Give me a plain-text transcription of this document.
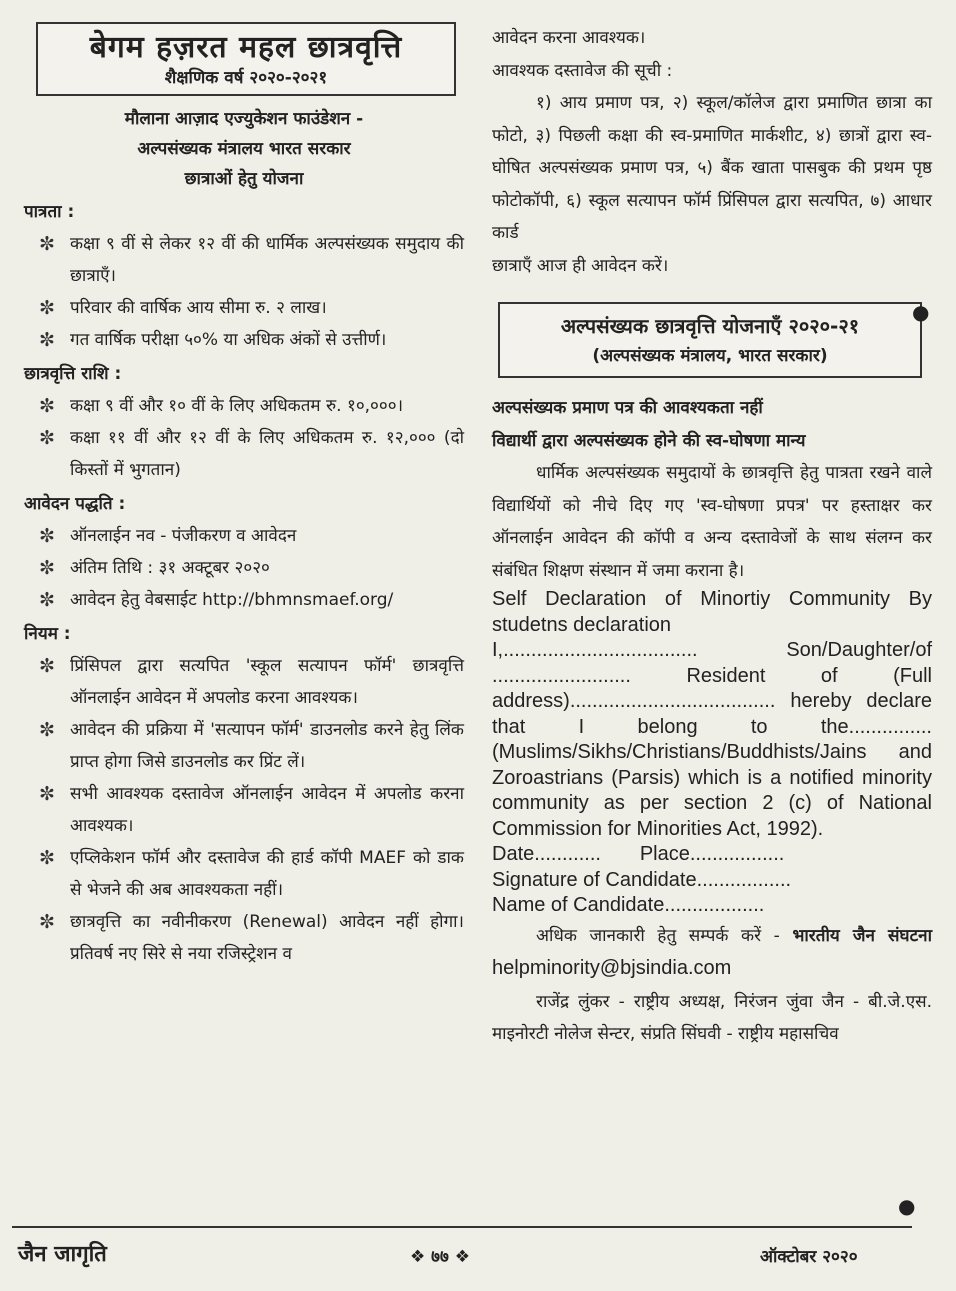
बेगम हज़रत महल छात्रवृत्ति
शैक्षणिक वर्ष २०२०-२०२१
मौलाना आज़ाद एज्युकेशन फाउंडेशन -
अल्पसंख्यक मंत्रालय भारत सरकार
छात्राओं हेतु योजना
पात्रता :
✼ कक्षा ९ वीं से लेकर १२ वीं की धार्मिक अल्पसंख्यक समुदाय की छात्राएँ।
✼ परिवार की वार्षिक आय सीमा रु. २ लाख।
✼ गत वार्षिक परीक्षा ५०% या अधिक अंकों से उत्तीर्ण।
छात्रवृत्ति राशि :
✼ कक्षा ९ वीं और १० वीं के लिए अधिकतम रु. १०,०००।
✼ कक्षा ११ वीं और १२ वीं के लिए अधिकतम रु. १२,००० (दो किस्तों में भुगतान)
आवेदन पद्धति :
✼ ऑनलाईन नव - पंजीकरण व आवेदन
✼ अंतिम तिथि : ३१ अक्टूबर २०२०
✼ आवेदन हेतु वेबसाईट http://bhmnsmaef.org/
नियम :
✼ प्रिंसिपल द्वारा सत्यपित 'स्कूल सत्यापन फॉर्म' छात्रवृत्ति ऑनलाईन आवेदन में अपलोड करना आवश्यक।
✼ आवेदन की प्रक्रिया में 'सत्यापन फॉर्म' डाउनलोड करने हेतु लिंक प्राप्त होगा जिसे डाउनलोड कर प्रिंट लें।
✼ सभी आवश्यक दस्तावेज ऑनलाईन आवेदन में अपलोड करना आवश्यक।
✼ एप्लिकेशन फॉर्म और दस्तावेज की हार्ड कॉपी MAEF को डाक से भेजने की अब आवश्यकता नहीं।
✼ छात्रवृत्ति का नवीनीकरण (Renewal) आवेदन नहीं होगा। प्रतिवर्ष नए सिरे से नया रजिस्ट्रेशन व
आवेदन करना आवश्यक।
आवश्यक दस्तावेज की सूची :
१) आय प्रमाण पत्र, २) स्कूल/कॉलेज द्वारा प्रमाणित छात्रा का फोटो, ३) पिछली कक्षा की स्व-प्रमाणित मार्कशीट, ४) छात्रों द्वारा स्व-घोषित अल्पसंख्यक प्रमाण पत्र, ५) बैंक खाता पासबुक की प्रथम पृष्ठ फोटोकॉपी, ६) स्कूल सत्यापन फॉर्म प्रिंसिपल द्वारा सत्यपित, ७) आधार कार्ड
छात्राएँ आज ही आवेदन करें।
अल्पसंख्यक छात्रवृत्ति योजनाएँ २०२०-२१
(अल्पसंख्यक मंत्रालय, भारत सरकार)
अल्पसंख्यक प्रमाण पत्र की आवश्यकता नहीं
विद्यार्थी द्वारा अल्पसंख्यक होने की स्व-घोषणा मान्य
धार्मिक अल्पसंख्यक समुदायों के छात्रवृत्ति हेतु पात्रता रखने वाले विद्यार्थियों को नीचे दिए गए 'स्व-घोषणा प्रपत्र' पर हस्ताक्षर कर ऑनलाईन आवेदन की कॉपी व अन्य दस्तावेजों के साथ संलग्न कर संबंधित शिक्षण संस्थान में जमा कराना है।
Self Declaration of Minortiy Community By studetns declaration
I,................................... Son/Daughter/of ......................... Resident of (Full address)..................................... hereby declare that I belong to the............... (Muslims/Sikhs/Christians/Buddhists/Jains and Zoroastrians (Parsis) which is a notified minority community as per section 2 (c) of National Commission for Minorities Act, 1992).
Date............       Place.................
Signature of Candidate.................
Name of Candidate..................
अधिक जानकारी हेतु सम्पर्क करें - भारतीय जैन संघटना helpminority@bjsindia.com
राजेंद्र लुंकर - राष्ट्रीय अध्यक्ष, निरंजन जुंवा जैन - बी.जे.एस. माइनोरटी नोलेज सेन्टर, संप्रति सिंघवी - राष्ट्रीय महासचिव
●
●
जैन जागृति	❖ ७७ ❖	ऑक्टोबर २०२०
